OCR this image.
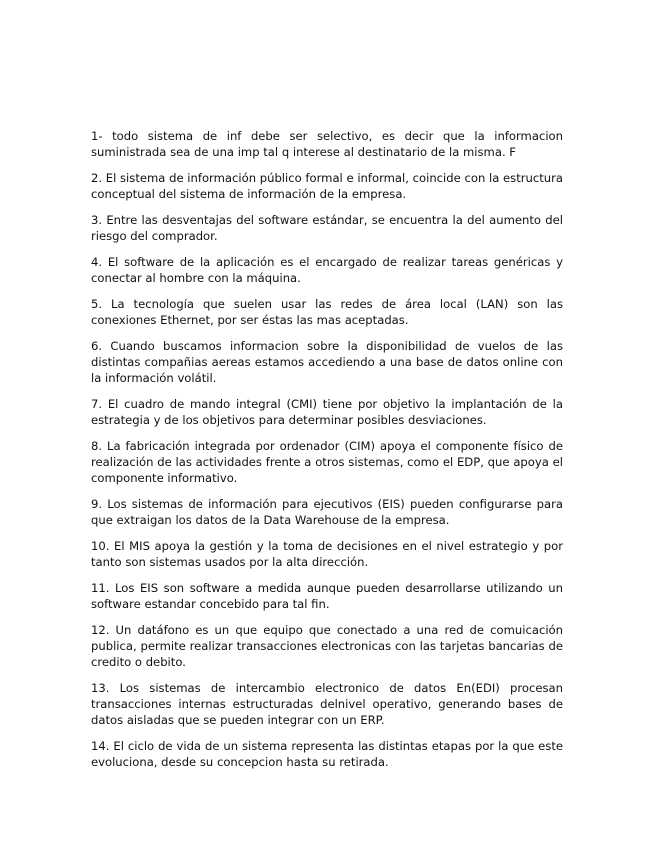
1- todo sistema de inf debe ser selectivo, es decir que la informacion suministrada sea de una imp tal q interese al destinatario de la misma. F

2. El sistema de información público formal e informal, coincide con la estructura conceptual del sistema de información de la empresa.

3. Entre las desventajas del software estándar, se encuentra la del aumento del riesgo del comprador.

4. El software de la aplicación es el encargado de realizar tareas genéricas y conectar al hombre con la máquina.

5. La tecnología que suelen usar las redes de área local (LAN) son las conexiones Ethernet, por ser éstas las mas aceptadas.

6. Cuando buscamos informacion sobre la disponibilidad de vuelos de las distintas compañias aereas estamos accediendo a una base de datos online con la información volátil.

7. El cuadro de mando integral (CMI) tiene por objetivo la implantación de la estrategia y de los objetivos para determinar posibles desviaciones.

8. La fabricación integrada por ordenador (CIM) apoya el componente físico de realización de las actividades frente a otros sistemas, como el EDP, que apoya el componente informativo.

9. Los sistemas de información para ejecutivos (EIS) pueden configurarse para que extraigan los datos de la Data Warehouse de la empresa.

10. El MIS apoya la gestión y la toma de decisiones en el nivel estrategio y por tanto son sistemas usados por la alta dirección.

11. Los EIS son software a medida aunque pueden desarrollarse utilizando un software estandar concebido para tal fin.

12. Un datáfono es un que equipo que conectado a una red de comuicación publica, permite realizar transacciones electronicas con las tarjetas bancarias de credito o debito.

13. Los sistemas de intercambio electronico de datos En(EDI) procesan transacciones internas estructuradas delnivel operativo, generando bases de datos aisladas que se pueden integrar con un ERP.

14. El ciclo de vida de un sistema representa las distintas etapas por la que este evoluciona, desde su concepcion hasta su retirada.
